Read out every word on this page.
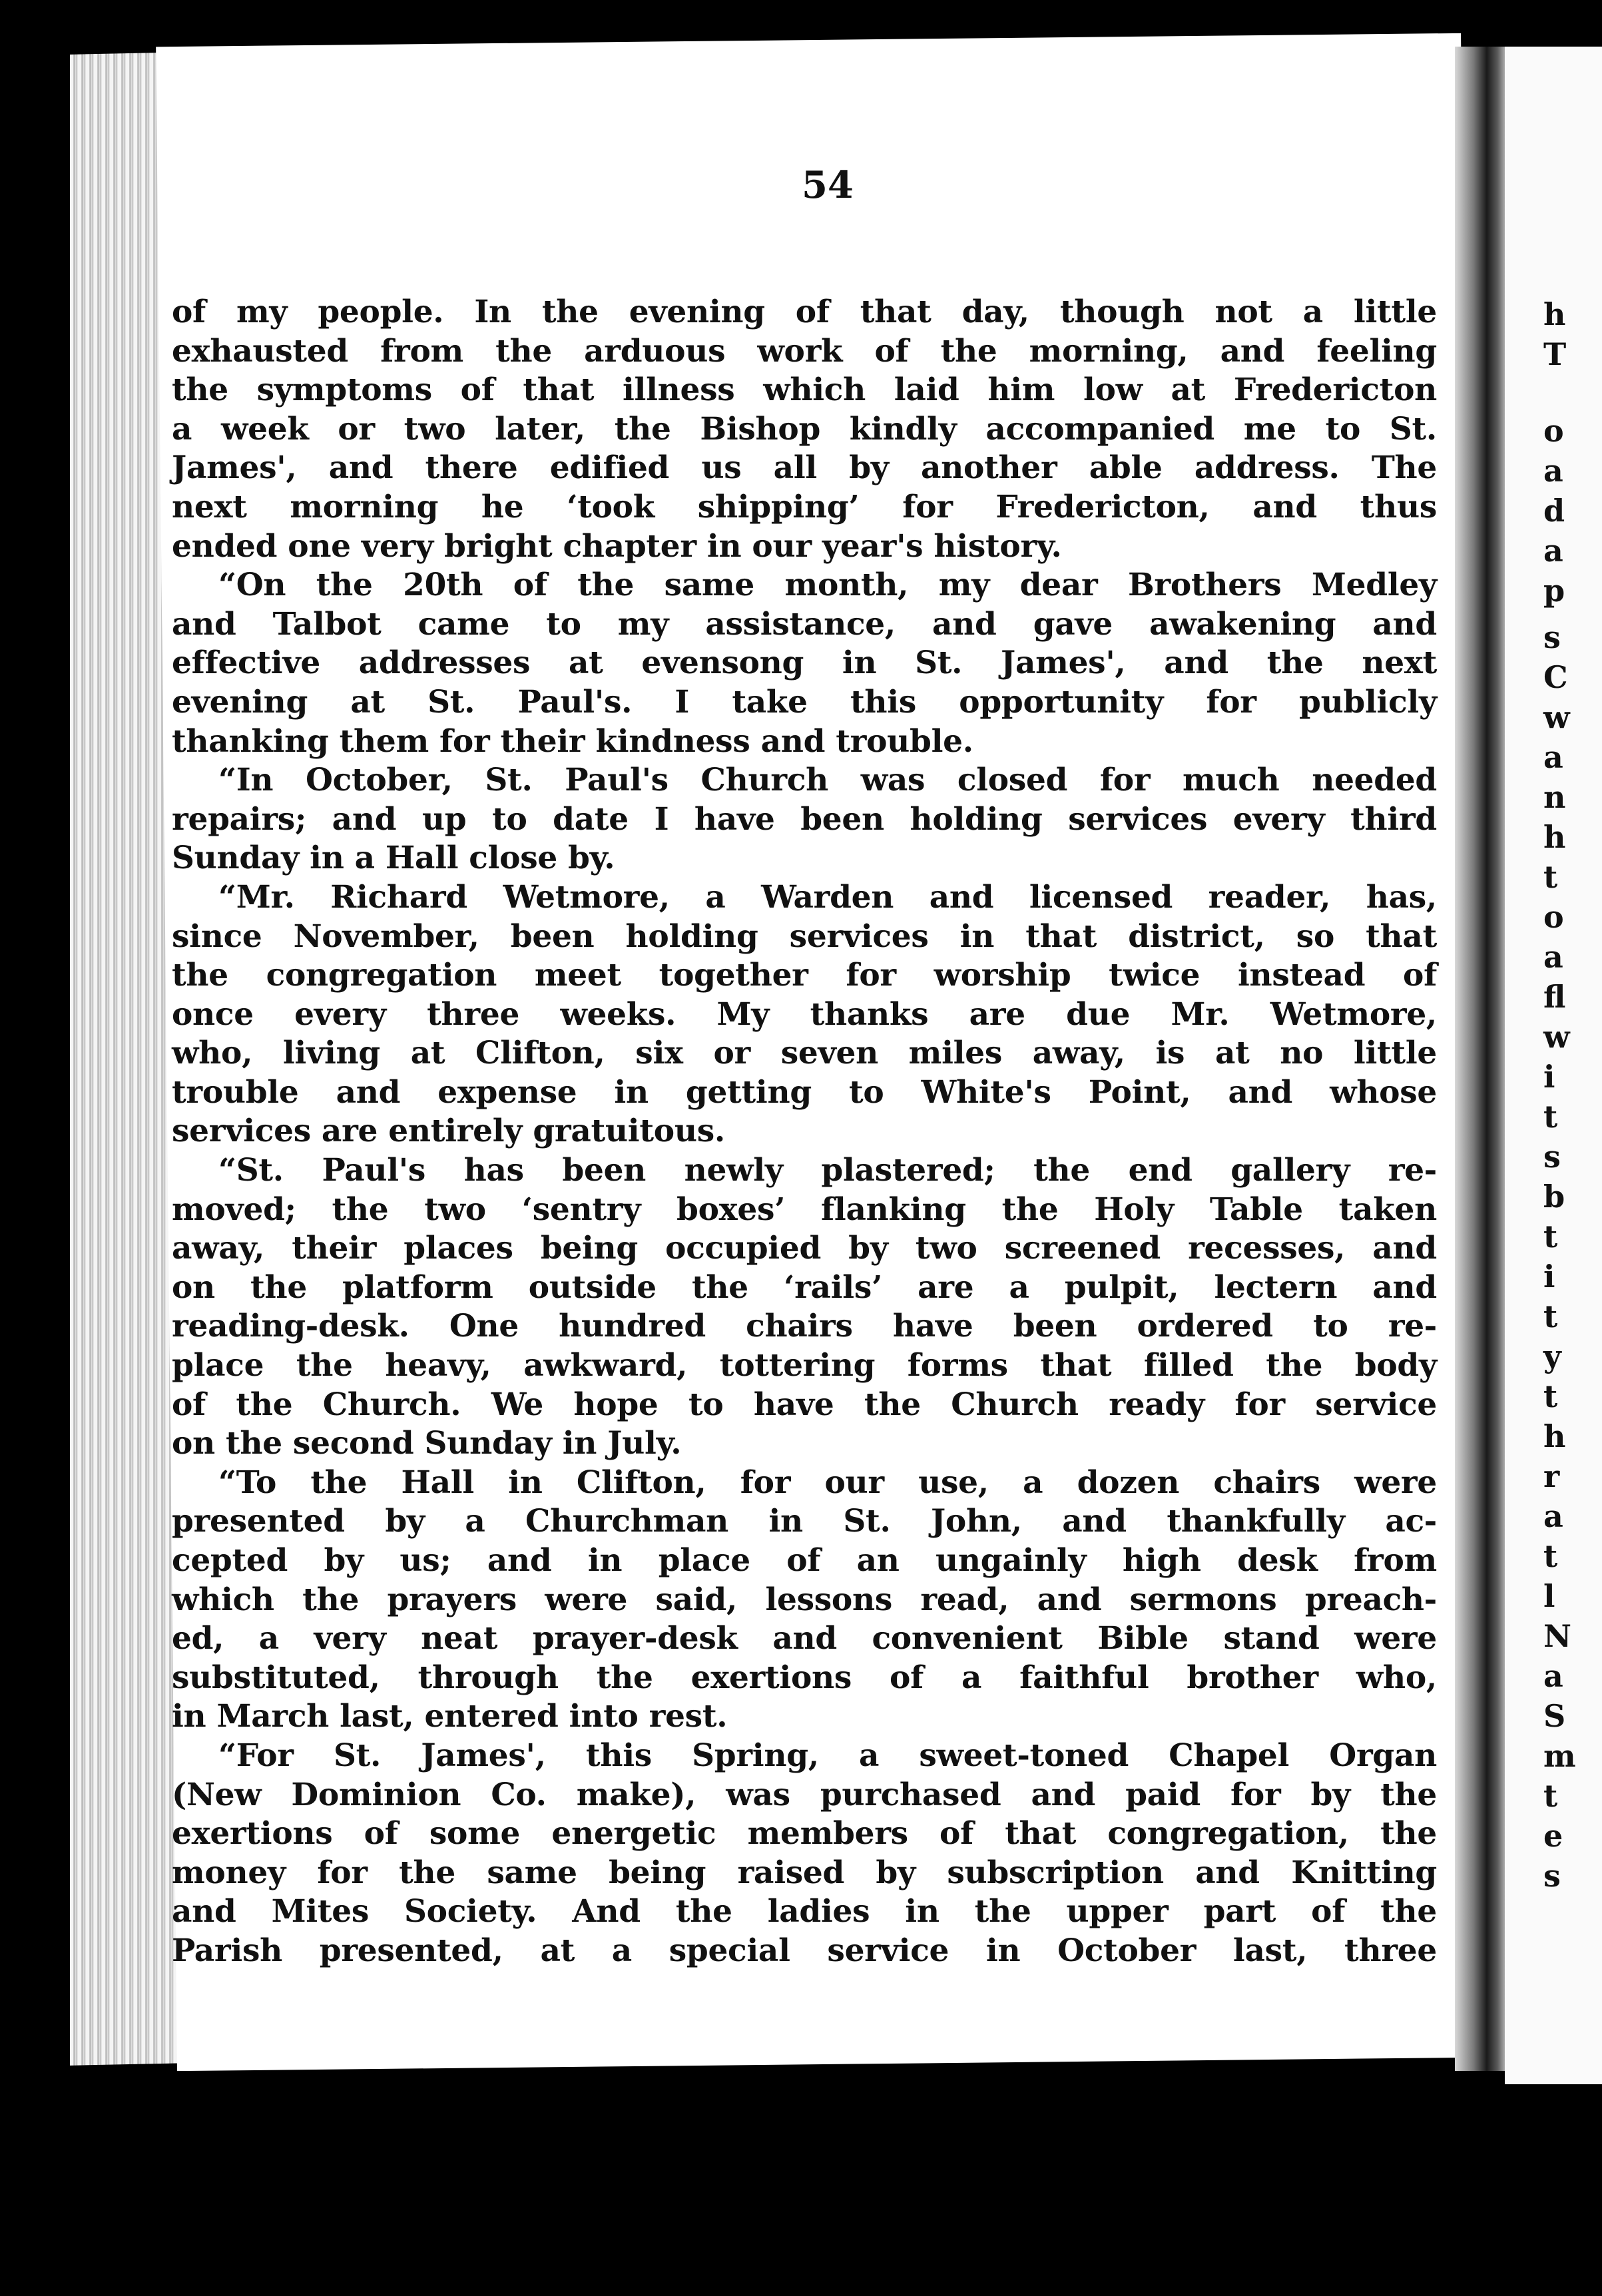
54
of my people. In the evening of that day, though not a little
exhausted from the arduous work of the morning, and feeling
the symptoms of that illness which laid him low at Fredericton
a week or two later, the Bishop kindly accompanied me to St.
James', and there edified us all by another able address. The
next morning he ‘took shipping’ for Fredericton, and thus
ended one very bright chapter in our year's history.
“On the 20th of the same month, my dear Brothers Medley
and Talbot came to my assistance, and gave awakening and
effective addresses at evensong in St. James', and the next
evening at St. Paul's. I take this opportunity for publicly
thanking them for their kindness and trouble.
“In October, St. Paul's Church was closed for much needed
repairs; and up to date I have been holding services every third
Sunday in a Hall close by.
“Mr. Richard Wetmore, a Warden and licensed reader, has,
since November, been holding services in that district, so that
the congregation meet together for worship twice instead of
once every three weeks. My thanks are due Mr. Wetmore,
who, living at Clifton, six or seven miles away, is at no little
trouble and expense in getting to White's Point, and whose
services are entirely gratuitous.
“St. Paul's has been newly plastered; the end gallery re-
moved; the two ‘sentry boxes’ flanking the Holy Table taken
away, their places being occupied by two screened recesses, and
on the platform outside the ‘rails’ are a pulpit, lectern and
reading-desk. One hundred chairs have been ordered to re-
place the heavy, awkward, tottering forms that filled the body
of the Church. We hope to have the Church ready for service
on the second Sunday in July.
“To the Hall in Clifton, for our use, a dozen chairs were
presented by a Churchman in St. John, and thankfully ac-
cepted by us; and in place of an ungainly high desk from
which the prayers were said, lessons read, and sermons preach-
ed, a very neat prayer-desk and convenient Bible stand were
substituted, through the exertions of a faithful brother who,
in March last, entered into rest.
“For St. James', this Spring, a sweet-toned Chapel Organ
(New Dominion Co. make), was purchased and paid for by the
exertions of some energetic members of that congregation, the
money for the same being raised by subscription and Knitting
and Mites Society. And the ladies in the upper part of the
Parish presented, at a special service in October last, three
h
T
o
a
d
a
p
s
C
w
a
n
h
t
o
a
fl
w
i
t
s
b
t
i
t
y
t
h
r
a
t
l
N
a
S
m
t
e
s
